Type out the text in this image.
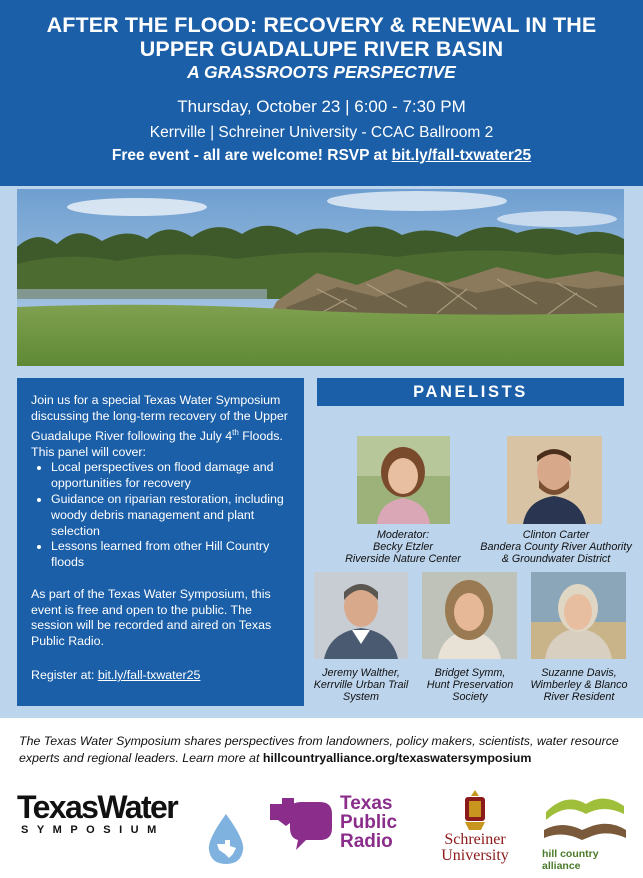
AFTER THE FLOOD: RECOVERY & RENEWAL IN THE
UPPER GUADALUPE RIVER BASIN
A GRASSROOTS PERSPECTIVE
Thursday, October 23 | 6:00 - 7:30 PM
Kerrville | Schreiner University - CCAC Ballroom 2
Free event - all are welcome! RSVP at bit.ly/fall-txwater25

Join us for a special Texas Water Symposium discussing the long-term recovery of the Upper Guadalupe River following the July 4th Floods. This panel will cover:

• Local perspectives on flood damage and opportunities for recovery
• Guidance on riparian restoration, including woody debris management and plant selection
• Lessons learned from other Hill Country floods

As part of the Texas Water Symposium, this event is free and open to the public. The session will be recorded and aired on Texas Public Radio.

Register at: bit.ly/fall-txwater25

PANELISTS
Moderator:
Becky Etzler
Riverside Nature Center
Clinton Carter
Bandera County River Authority
& Groundwater District
Jeremy Walther,
Kerrville Urban Trail
System
Bridget Symm,
Hunt Preservation
Society
Suzanne Davis,
Wimberley & Blanco
River Resident
The Texas Water Symposium shares perspectives from landowners, policy makers, scientists, water resource experts and regional leaders. Learn more at hillcountryalliance.org/texaswatersymposium
TexasWater
SYMPOSIUM
Texas
Public
Radio	Schreiner
University	hill country alliance
